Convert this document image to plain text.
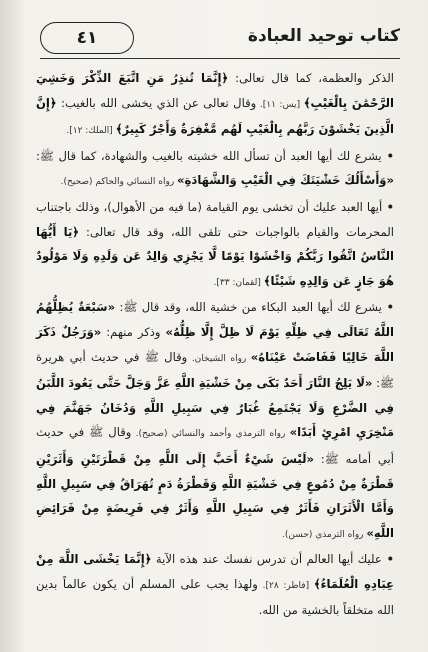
٤١	كتاب توحيد العبادة

الذكر والعظمة، كما قال تعالى: ﴿إِنَّمَا تُنذِرُ مَنِ اتَّبَعَ الذِّكْرَ وَخَشِيَ الرَّحْمَٰنَ بِالْغَيْبِ﴾ [يس: ١١]. وقال تعالى عن الذي يخشى الله بالغيب: ﴿إِنَّ الَّذِينَ يَخْشَوْنَ رَبَّهُم بِالْغَيْبِ لَهُم مَّغْفِرَةٌ وَأَجْرٌ كَبِيرٌ﴾ [الملك: ١٢].

• يشرع لك أيها العبد أن تسأل الله خشيته بالغيب والشهادة، كما قال ﷺ: «وَأَسْأَلُكَ خَشْيَتَكَ فِي الْغَيْبِ وَالشَّهَادَةِ» رواه النسائي والحاكم (صحيح).

• أيها العبد عليك أن تخشى يوم القيامة (ما فيه من الأهوال)، وذلك باجتناب المحرمات والقيام بالواجبات حتى تلقى الله، وقد قال تعالى: ﴿يَا أَيُّهَا النَّاسُ اتَّقُوا رَبَّكُمْ وَاخْشَوْا يَوْمًا لَّا يَجْزِي وَالِدٌ عَن وَلَدِهِ وَلَا مَوْلُودٌ هُوَ جَازٍ عَن وَالِدِهِ شَيْئًا﴾ [لقمان: ٣٣].

• يشرع لك أيها العبد البكاء من خشية الله، وقد قال ﷺ: «سَبْعَةٌ يُظِلُّهُمُ اللَّهُ تَعَالَى فِي ظِلِّهِ يَوْمَ لَا ظِلَّ إِلَّا ظِلُّهُ» وذكر منهم: «وَرَجُلٌ ذَكَرَ اللَّهَ خَالِيًا فَفَاضَتْ عَيْنَاهُ» رواه الشيخان. وقال ﷺ في حديث أبي هريرة ﷺ: «لَا يَلِجُ النَّارَ أَحَدٌ بَكَى مِنْ خَشْيَةِ اللَّهِ عَزَّ وَجَلَّ حَتَّى يَعُودَ اللَّبَنُ فِي الضَّرْعِ وَلَا يَجْتَمِعُ غُبَارٌ فِي سَبِيلِ اللَّهِ وَدُخَانُ جَهَنَّمَ فِي مَنْخِرَيِ امْرِئٍ أَبَدًا» رواه الترمذي وأحمد والنسائي (صحيح). وقال ﷺ في حديث أبي أمامه ﷺ: «لَيْسَ شَيْءٌ أَحَبَّ إِلَى اللَّهِ مِنْ قَطْرَتَيْنِ وَأَثَرَيْنِ قَطْرَةٌ مِنْ دُمُوعٍ فِي خَشْيَةِ اللَّهِ وَقَطْرَةُ دَمٍ تُهَرَاقُ فِي سَبِيلِ اللَّهِ وَأَمَّا الْأَثَرَانِ فَأَثَرٌ فِي سَبِيلِ اللَّهِ وَأَثَرٌ فِي فَرِيضَةٍ مِنْ فَرَائِضِ اللَّهِ» رواه الترمذي (حسن).

• عليك أيها العالم أن تدرس نفسك عند هذه الآية ﴿إِنَّمَا يَخْشَى اللَّهَ مِنْ عِبَادِهِ الْعُلَمَاءُ﴾ [فاطر: ٢٨]. ولهذا يجب على المسلم أن يكون عالماً بدين الله متخلقاً بالخشية من الله.
